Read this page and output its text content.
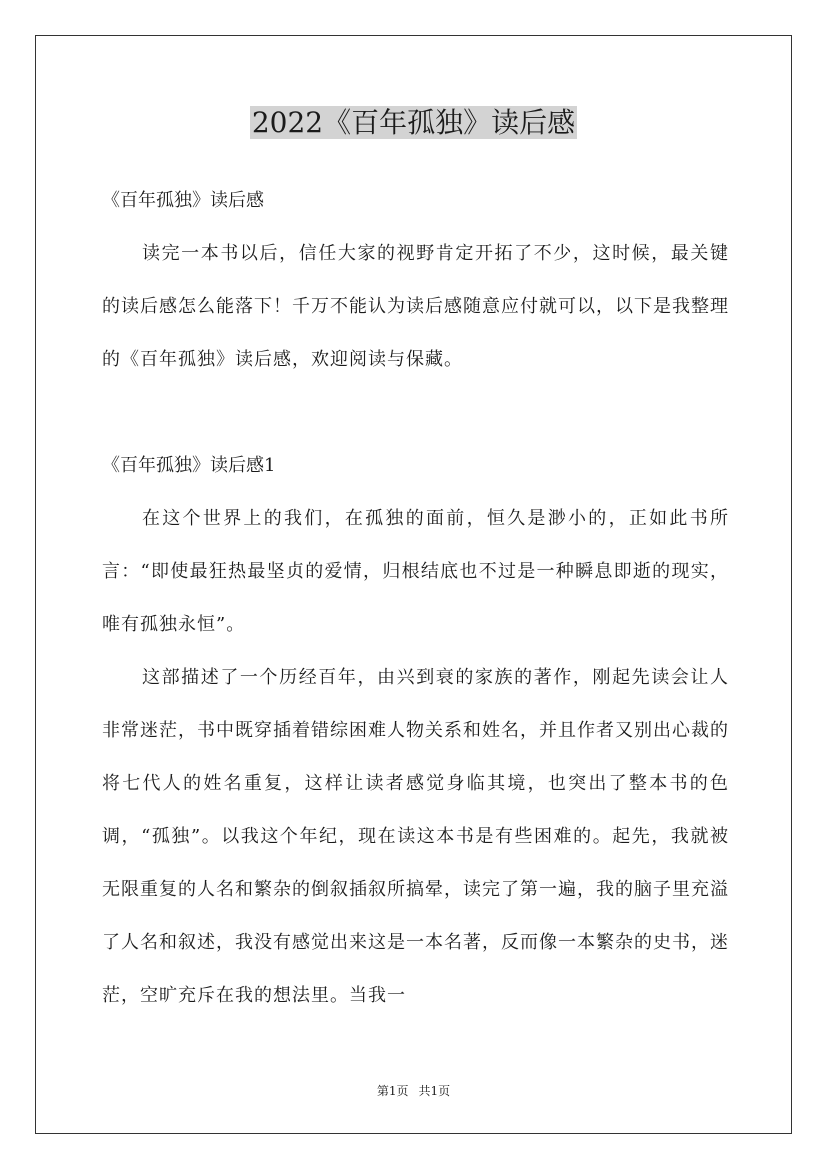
2022《百年孤独》读后感

《百年孤独》读后感

读完一本书以后，信任大家的视野肯定开拓了不少，这时候，最关键的读后感怎么能落下！千万不能认为读后感随意应付就可以，以下是我整理的《百年孤独》读后感，欢迎阅读与保藏。

《百年孤独》读后感1

在这个世界上的我们，在孤独的面前，恒久是渺小的，正如此书所言：“即使最狂热最坚贞的爱情，归根结底也不过是一种瞬息即逝的现实，唯有孤独永恒”。

这部描述了一个历经百年，由兴到衰的家族的著作，刚起先读会让人非常迷茫，书中既穿插着错综困难人物关系和姓名，并且作者又别出心裁的将七代人的姓名重复，这样让读者感觉身临其境，也突出了整本书的色调，“孤独”。以我这个年纪，现在读这本书是有些困难的。起先，我就被无限重复的人名和繁杂的倒叙插叙所搞晕，读完了第一遍，我的脑子里充溢了人名和叙述，我没有感觉出来这是一本名著，反而像一本繁杂的史书，迷茫，空旷充斥在我的想法里。当我一

第1页 共1页
